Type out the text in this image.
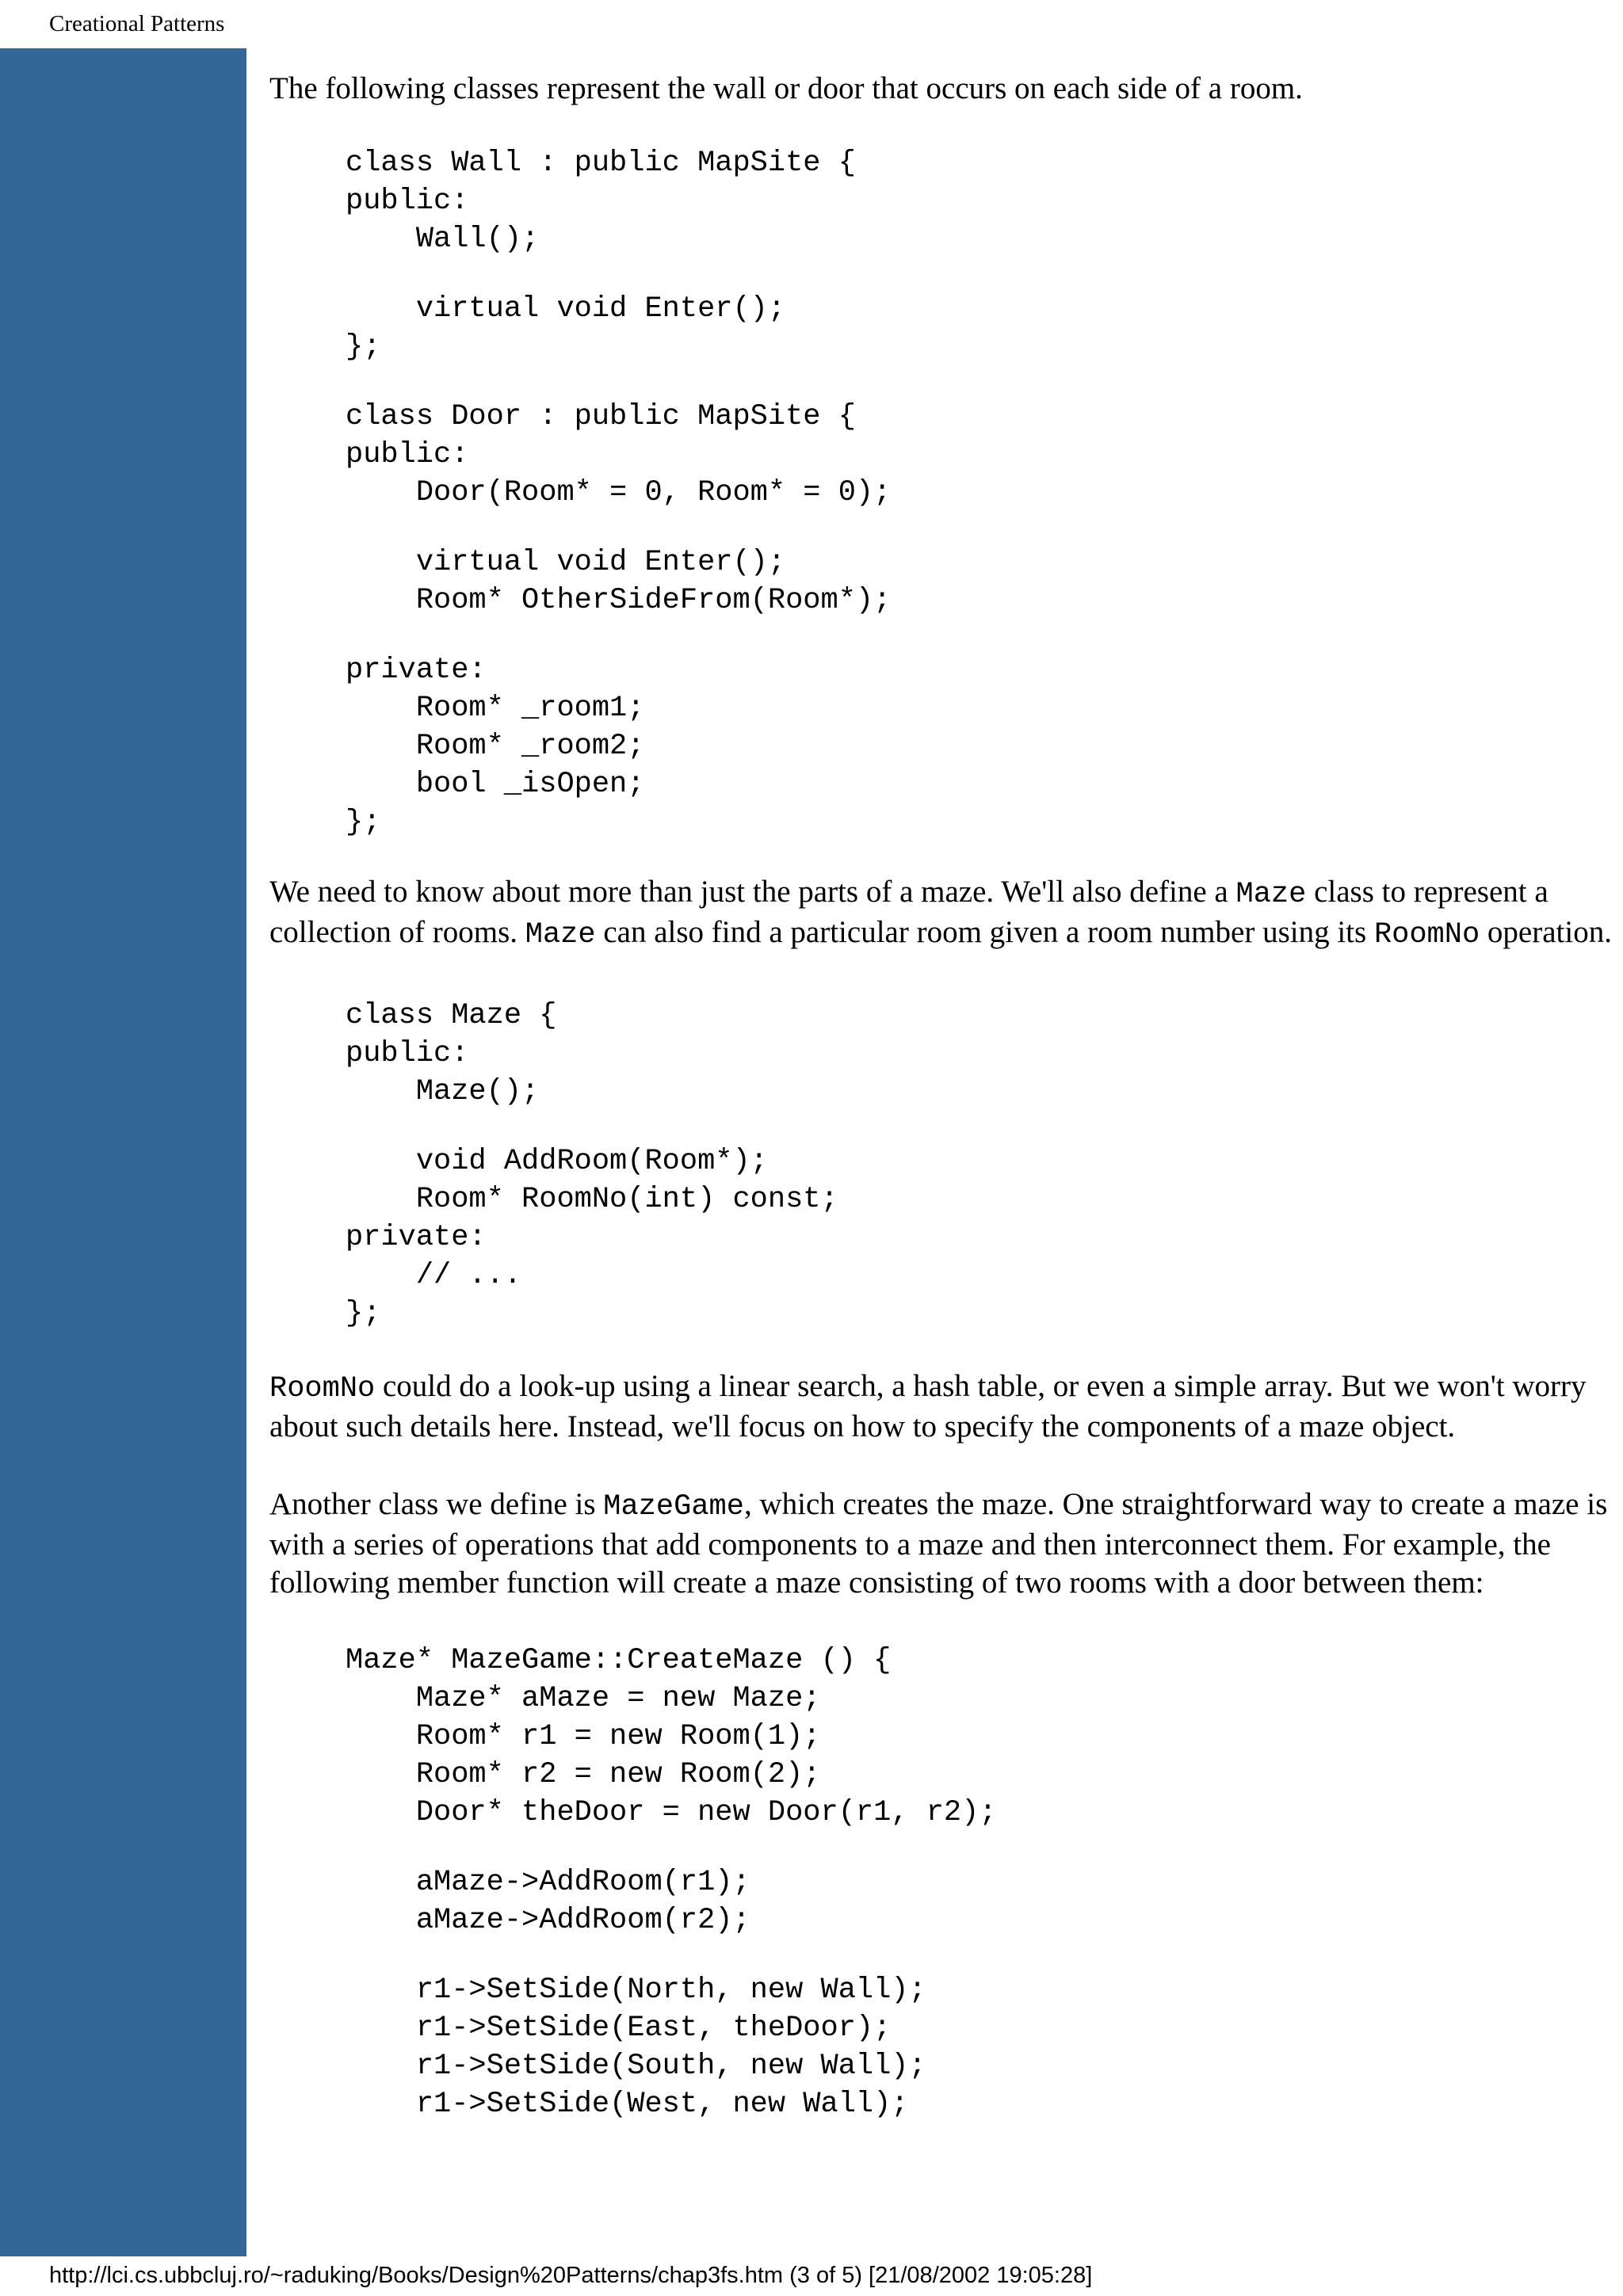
Creational Patterns

The following classes represent the wall or door that occurs on each side of a room.

class Wall : public MapSite {
public:
Wall();
virtual void Enter();
};
class Door : public MapSite {
public:
Door(Room* = 0, Room* = 0);
virtual void Enter();
Room* OtherSideFrom(Room*);
private:
Room* _room1;
Room* _room2;
bool _isOpen;
};

We need to know about more than just the parts of a maze. We'll also define a Maze class to represent a collection of rooms. Maze can also find a particular room given a room number using its RoomNo operation.

class Maze {
public:
Maze();
void AddRoom(Room*);
Room* RoomNo(int) const;
private:
// ...
};

RoomNo could do a look-up using a linear search, a hash table, or even a simple array. But we won't worry about such details here. Instead, we'll focus on how to specify the components of a maze object.

Another class we define is MazeGame, which creates the maze. One straightforward way to create a maze is with a series of operations that add components to a maze and then interconnect them. For example, the following member function will create a maze consisting of two rooms with a door between them:

Maze* MazeGame::CreateMaze () {
Maze* aMaze = new Maze;
Room* r1 = new Room(1);
Room* r2 = new Room(2);
Door* theDoor = new Door(r1, r2);
aMaze->AddRoom(r1);
aMaze->AddRoom(r2);
r1->SetSide(North, new Wall);
r1->SetSide(East, theDoor);
r1->SetSide(South, new Wall);
r1->SetSide(West, new Wall);
http://lci.cs.ubbcluj.ro/~raduking/Books/Design%20Patterns/chap3fs.htm (3 of 5) [21/08/2002 19:05:28]
